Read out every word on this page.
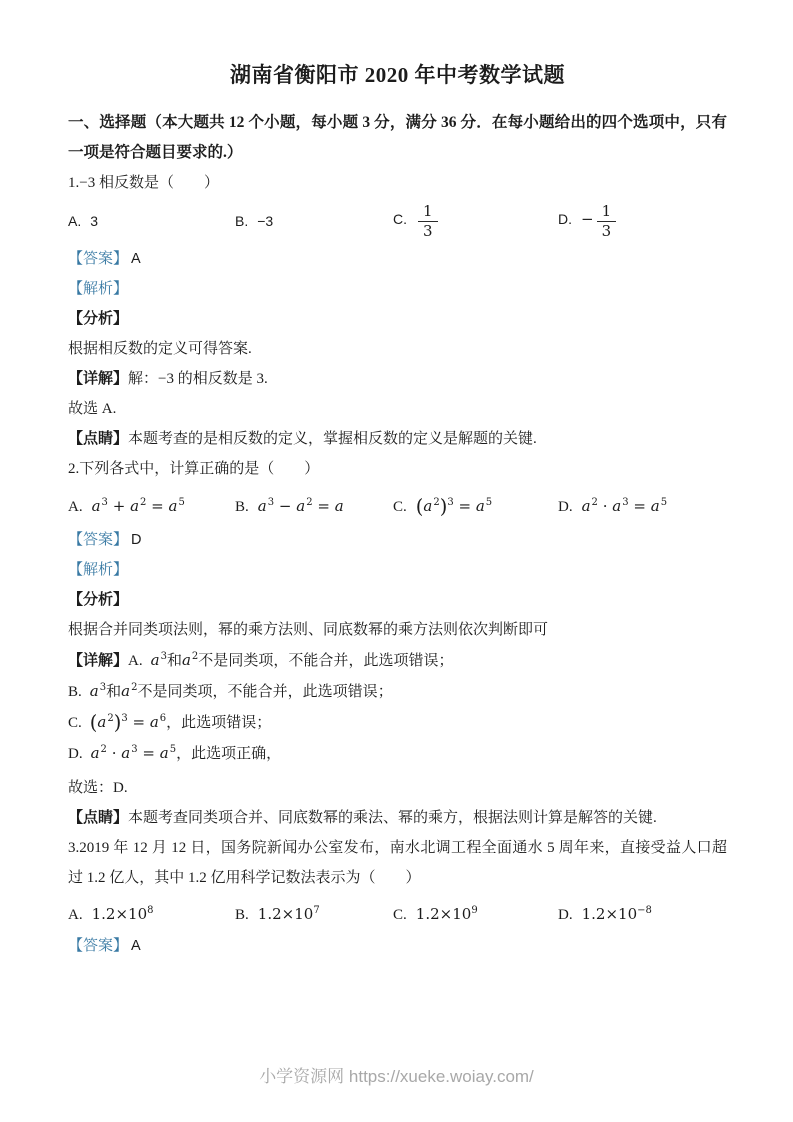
湖南省衡阳市 2020 年中考数学试题

一、选择题（本大题共 12 个小题，每小题 3 分，满分 36 分．在每小题给出的四个选项中，只有一项是符合题目要求的.）

1.−3 相反数是（　　）

A. 3	B. −3	C. $\frac{1}{3}$	D. − $\frac{1}{3}$

【答案】 A

【解析】

【分析】

根据相反数的定义可得答案.

【详解】解：−3 的相反数是 3.

故选 A.

【点睛】本题考查的是相反数的定义，掌握相反数的定义是解题的关键.

2.下列各式中，计算正确的是（　　）

A. $a^3 + a^2 = a^5$	B. $a^3 - a^2 = a$	C. $(a^2)^3 = a^5$	D. $a^2 \cdot a^3 = a^5$

【答案】 D

【解析】

【分析】

根据合并同类项法则，幂的乘方法则、同底数幂的乘方法则依次判断即可

【详解】A. $a^3$和$a^2$不是同类项，不能合并，此选项错误；

B. $a^3$和$a^2$不是同类项，不能合并，此选项错误；

C. $(a^2)^3 = a^6$，此选项错误；

D. $a^2 \cdot a^3 = a^5$，此选项正确，

故选：D.

【点睛】本题考查同类项合并、同底数幂的乘法、幂的乘方，根据法则计算是解答的关键.

3.2019 年 12 月 12 日，国务院新闻办公室发布，南水北调工程全面通水 5 周年来，直接受益人口超过 1.2 亿人，其中 1.2 亿用科学记数法表示为（　　）

A. $1.2\times 10^8$	B. $1.2\times 10^7$	C. $1.2\times 10^9$	D. $1.2\times 10^{-8}$

【答案】 A

小学资源网 https://xueke.woiay.com/
